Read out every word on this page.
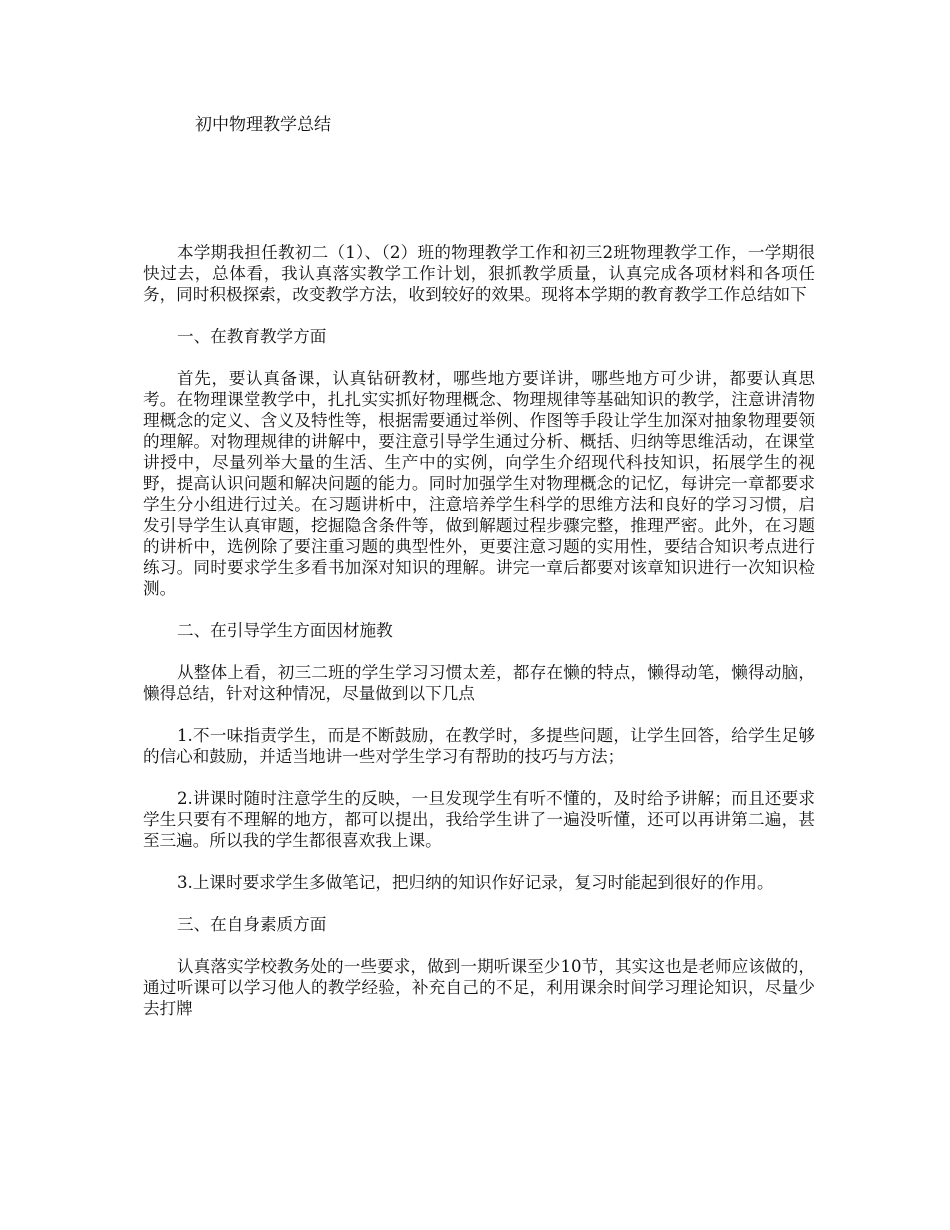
初中物理教学总结

本学期我担任教初二（1）、（2）班的物理教学工作和初三2班物理教学工作，一学期很快过去，总体看，我认真落实教学工作计划，狠抓教学质量，认真完成各项材料和各项任务，同时积极探索，改变教学方法，收到较好的效果。现将本学期的教育教学工作总结如下

一、在教育教学方面

首先，要认真备课，认真钻研教材，哪些地方要详讲，哪些地方可少讲，都要认真思考。在物理课堂教学中，扎扎实实抓好物理概念、物理规律等基础知识的教学，注意讲清物理概念的定义、含义及特性等，根据需要通过举例、作图等手段让学生加深对抽象物理要领的理解。对物理规律的讲解中，要注意引导学生通过分析、概括、归纳等思维活动，在课堂讲授中，尽量列举大量的生活、生产中的实例，向学生介绍现代科技知识，拓展学生的视野，提高认识问题和解决问题的能力。同时加强学生对物理概念的记忆，每讲完一章都要求学生分小组进行过关。在习题讲析中，注意培养学生科学的思维方法和良好的学习习惯，启发引导学生认真审题，挖掘隐含条件等，做到解题过程步骤完整，推理严密。此外，在习题的讲析中，选例除了要注重习题的典型性外，更要注意习题的实用性，要结合知识考点进行练习。同时要求学生多看书加深对知识的理解。讲完一章后都要对该章知识进行一次知识检测。

二、在引导学生方面因材施教

从整体上看，初三二班的学生学习习惯太差，都存在懒的特点，懒得动笔，懒得动脑，懒得总结，针对这种情况，尽量做到以下几点

1.不一味指责学生，而是不断鼓励，在教学时，多提些问题，让学生回答，给学生足够的信心和鼓励，并适当地讲一些对学生学习有帮助的技巧与方法；

2.讲课时随时注意学生的反映，一旦发现学生有听不懂的，及时给予讲解；而且还要求学生只要有不理解的地方，都可以提出，我给学生讲了一遍没听懂，还可以再讲第二遍，甚至三遍。所以我的学生都很喜欢我上课。

3.上课时要求学生多做笔记，把归纳的知识作好记录，复习时能起到很好的作用。

三、在自身素质方面

认真落实学校教务处的一些要求，做到一期听课至少10节，其实这也是老师应该做的，通过听课可以学习他人的教学经验，补充自己的不足，利用课余时间学习理论知识，尽量少去打牌
